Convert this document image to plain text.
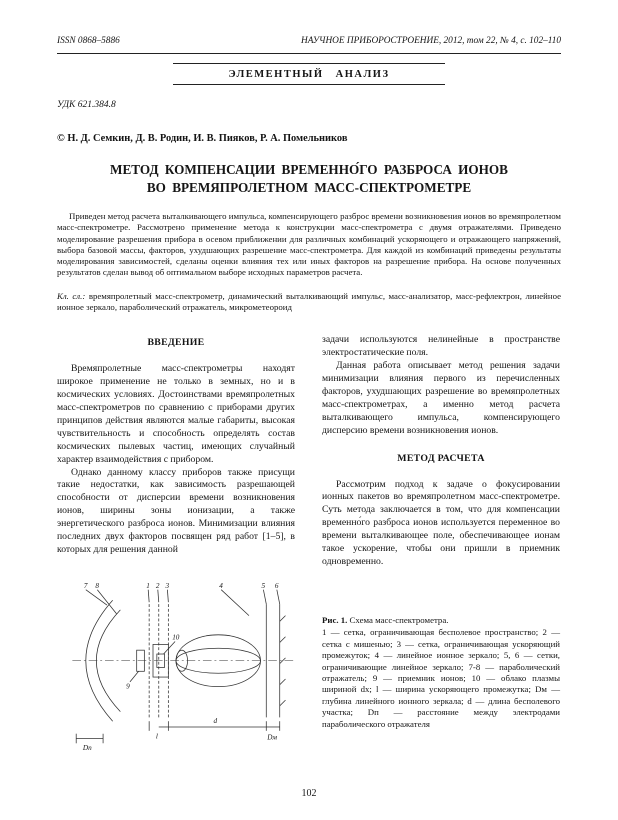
ISSN 0868–5886	НАУЧНОЕ ПРИБОРОСТРОЕНИЕ, 2012, том 22, № 4, с. 102–110
ЭЛЕМЕНТНЫЙ АНАЛИЗ
УДК 621.384.8
© Н. Д. Семкин, Д. В. Родин, И. В. Пияков, Р. А. Помельников
МЕТОД КОМПЕНСАЦИИ ВРЕМЕННО́ГО РАЗБРОСА ИОНОВ
ВО ВРЕМЯПРОЛЕТНОМ МАСС-СПЕКТРОМЕТРЕ

Приведен метод расчета выталкивающего импульса, компенсирующего разброс времени возникновения ионов во времяпролетном масс-спектрометре. Рассмотрено применение метода к конструкции масс-спектрометра с двумя отражателями. Приведено моделирование разрешения прибора в осевом приближении для различных комбинаций ускоряющего и отражающего напряжений, выбора базовой массы, факторов, ухудшающих разрешение масс-спектрометра. Для каждой из комбинаций приведены результаты моделирования зависимостей, сделаны оценки влияния тех или иных факторов на разрешение прибора. На основе полученных результатов сделан вывод об оптимальном выборе исходных параметров расчета.

Кл. сл.: времяпролетный масс-спектрометр, динамический выталкивающий импульс, масс-анализатор, масс-рефлектрон, линейное ионное зеркало, параболический отражатель, микрометеороид

ВВЕДЕНИЕ

Времяпролетные масс-спектрометры находят широкое применение не только в земных, но и в космических условиях. Достоинствами времяпролетных масс-спектрометров по сравнению с приборами других принципов действия являются малые габариты, высокая чувствительность и способность определять состав космических пылевых частиц, имеющих случайный характер взаимодействия с прибором.

Однако данному классу приборов также присущи такие недостатки, как зависимость разрешающей способности от дисперсии времени возникновения ионов, ширины зоны ионизации, а также энергетического разброса ионов. Минимизации влияния последних двух факторов посвящен ряд работ [1–5], в которых для решения данной

7 8	1 2 3	4	5 6
9
10
d
Dм
l
Dп

задачи используются нелинейные в пространстве электростатические поля.

Данная работа описывает метод решения задачи минимизации влияния первого из перечисленных факторов, ухудшающих разрешение во времяпролетных масс-спектрометрах, а именно метод расчета выталкивающего импульса, компенсирующего дисперсию времени возникновения ионов.

МЕТОД РАСЧЕТА

Рассмотрим подход к задаче о фокусировании ионных пакетов во времяпролетном масс-спектрометре. Суть метода заключается в том, что для компенсации временно́го разброса ионов используется переменное во времени выталкивающее поле, обеспечивающее ионам такое ускорение, чтобы они пришли в приемник одновременно.

Рис. 1. Схема масс-спектрометра.

1 — сетка, ограничивающая бесполевое пространство; 2 — сетка с мишенью; 3 — сетка, ограничивающая ускоряющий промежуток; 4 — линейное ионное зеркало; 5, 6 — сетки, ограничивающие линейное зеркало; 7-8 — параболический отражатель; 9 — приемник ионов; 10 — облако плазмы шириной dx; l — ширина ускоряющего промежутка; Dм — глубина линейного ионного зеркала; d — длина бесполевого участка; Dп — расстояние между электродами параболического отражателя

102
